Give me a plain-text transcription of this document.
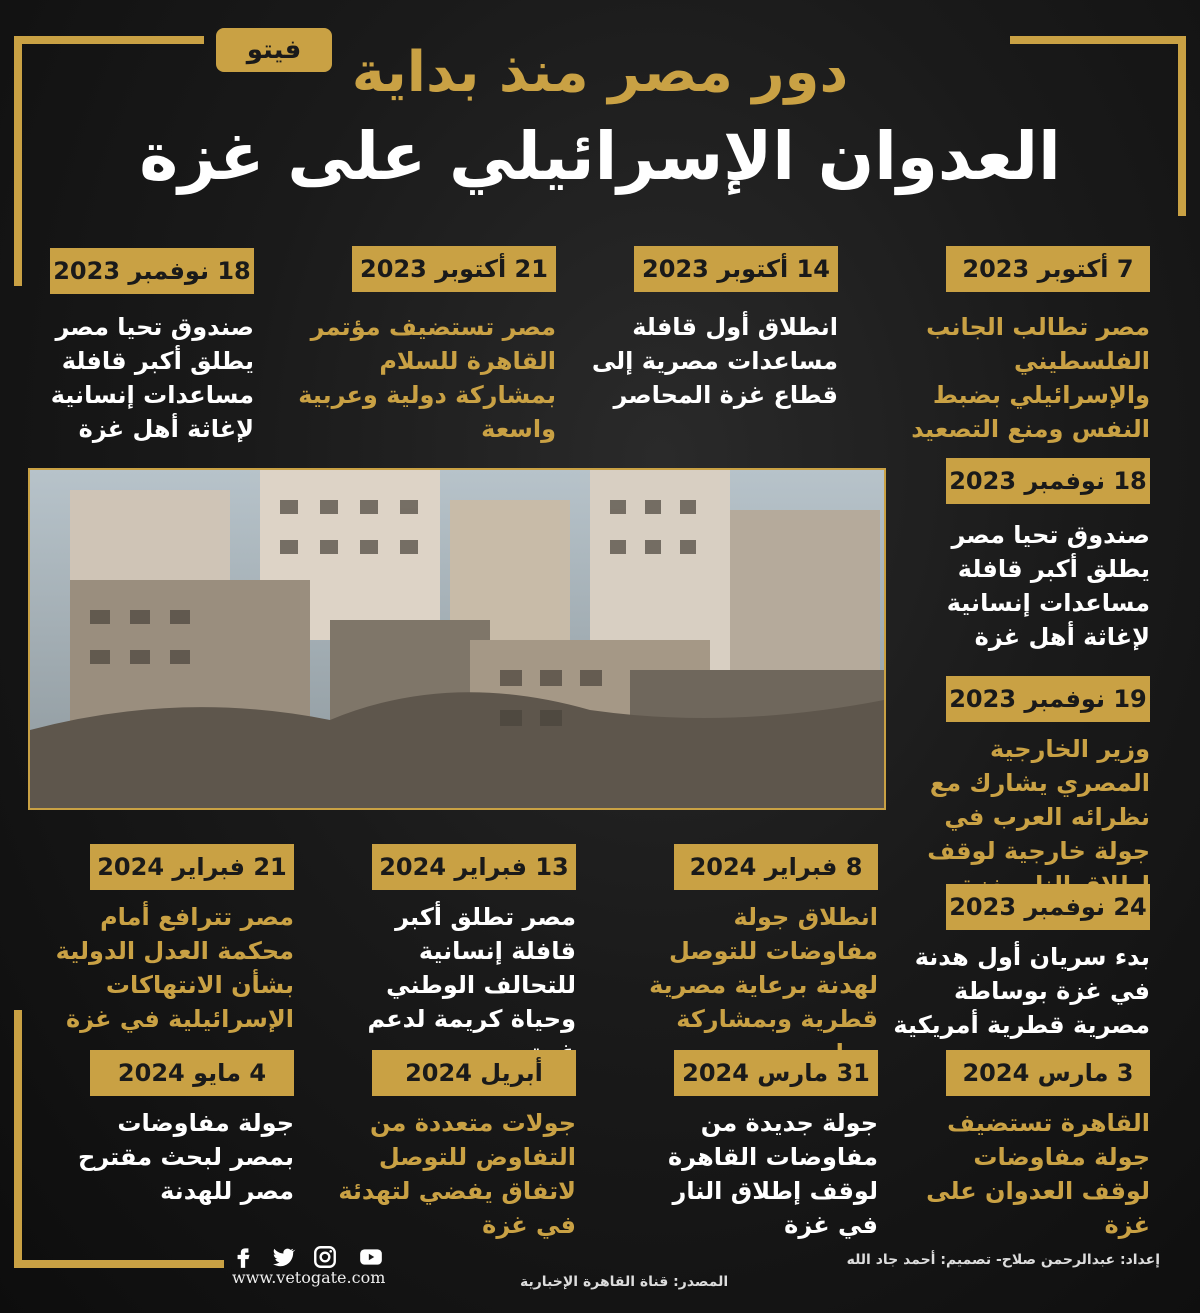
فيتو دور مصر منذ بداية
العدوان الإسرائيلي على غزة
7 أكتوبر 2023
مصر تطالب الجانب الفلسطيني والإسرائيلي بضبط النفس ومنع التصعيد
14 أكتوبر 2023
انطلاق أول قافلة مساعدات مصرية إلى قطاع غزة المحاصر
21 أكتوبر 2023
مصر تستضيف مؤتمر القاهرة للسلام بمشاركة دولية وعربية واسعة
18 نوفمبر 2023
صندوق تحيا مصر يطلق أكبر قافلة مساعدات إنسانية لإغاثة أهل غزة
18 نوفمبر 2023
صندوق تحيا مصر يطلق أكبر قافلة مساعدات إنسانية لإغاثة أهل غزة
19 نوفمبر 2023
وزير الخارجية المصري يشارك مع نظرائه العرب في جولة خارجية لوقف
24 نوفمبر 2023
بدء سريان أول هدنة في غزة بوساطة مصرية قطرية أمريكية
8 فبراير 2024
انطلاق جولة مفاوضات للتوصل لهدنة برعاية مصرية قطرية وبمشاركة
13 فبراير 2024
مصر تطلق أكبر قافلة إنسانية للتحالف الوطني وحياة كريمة لدعم
21 فبراير 2024
مصر تترافع أمام محكمة العدل الدولية بشأن الانتهاكات الإسرائيلية في غزة
3 مارس 2024
القاهرة تستضيف جولة مفاوضات لوقف العدوان على غزة
31 مارس 2024
جولة جديدة من مفاوضات القاهرة لوقف إطلاق النار في غزة
أبريل 2024
جولات متعددة من التفاوض للتوصل لاتفاق يفضي لتهدئة في غزة
4 مايو 2024
جولة مفاوضات بمصر لبحث مقترح مصر للهدنة
إعداد: عبدالرحمن صلاح- تصميم: أحمد جاد الله
المصدر: قناة القاهرة الإخبارية
www.vetogate.com
